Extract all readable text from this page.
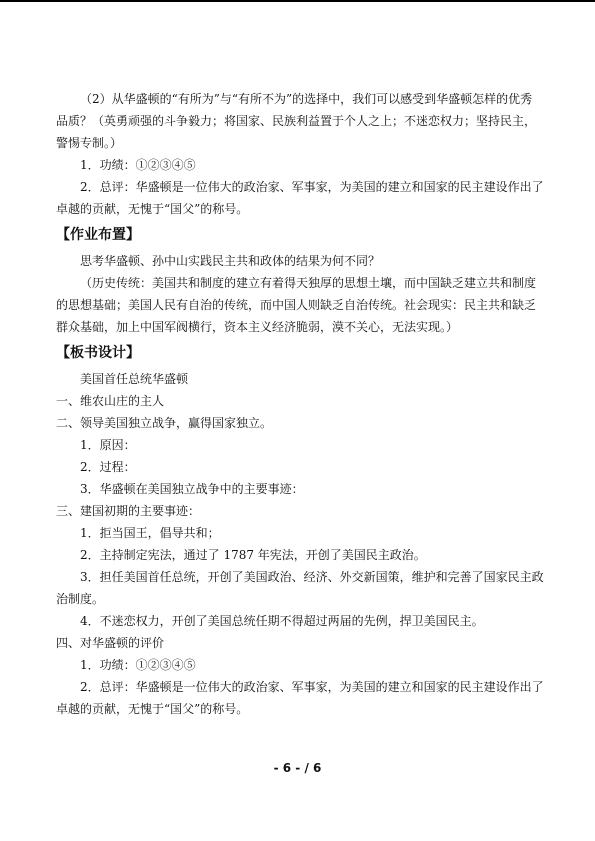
（2）从华盛顿的“有所为”与“有所不为”的选择中，我们可以感受到华盛顿怎样的优秀品质？（英勇顽强的斗争毅力；将国家、民族利益置于个人之上；不迷恋权力；坚持民主，警惕专制。）

1．功绩：①②③④⑤

2．总评：华盛顿是一位伟大的政治家、军事家，为美国的建立和国家的民主建设作出了卓越的贡献，无愧于“国父”的称号。

【作业布置】

思考华盛顿、孙中山实践民主共和政体的结果为何不同？

（历史传统：美国共和制度的建立有着得天独厚的思想土壤，而中国缺乏建立共和制度的思想基础；美国人民有自治的传统，而中国人则缺乏自治传统。社会现实：民主共和缺乏群众基础，加上中国军阀横行，资本主义经济脆弱，漠不关心，无法实现。）

【板书设计】

美国首任总统华盛顿

一、维农山庄的主人

二、领导美国独立战争，赢得国家独立。

1．原因：

2．过程：

3．华盛顿在美国独立战争中的主要事迹：

三、建国初期的主要事迹：

1．拒当国王，倡导共和；

2．主持制定宪法，通过了 1787 年宪法，开创了美国民主政治。

3．担任美国首任总统，开创了美国政治、经济、外交新国策，维护和完善了国家民主政治制度。

4．不迷恋权力，开创了美国总统任期不得超过两届的先例，捍卫美国民主。

四、对华盛顿的评价

1．功绩：①②③④⑤

2．总评：华盛顿是一位伟大的政治家、军事家，为美国的建立和国家的民主建设作出了卓越的贡献，无愧于“国父”的称号。

- 6 - / 6
